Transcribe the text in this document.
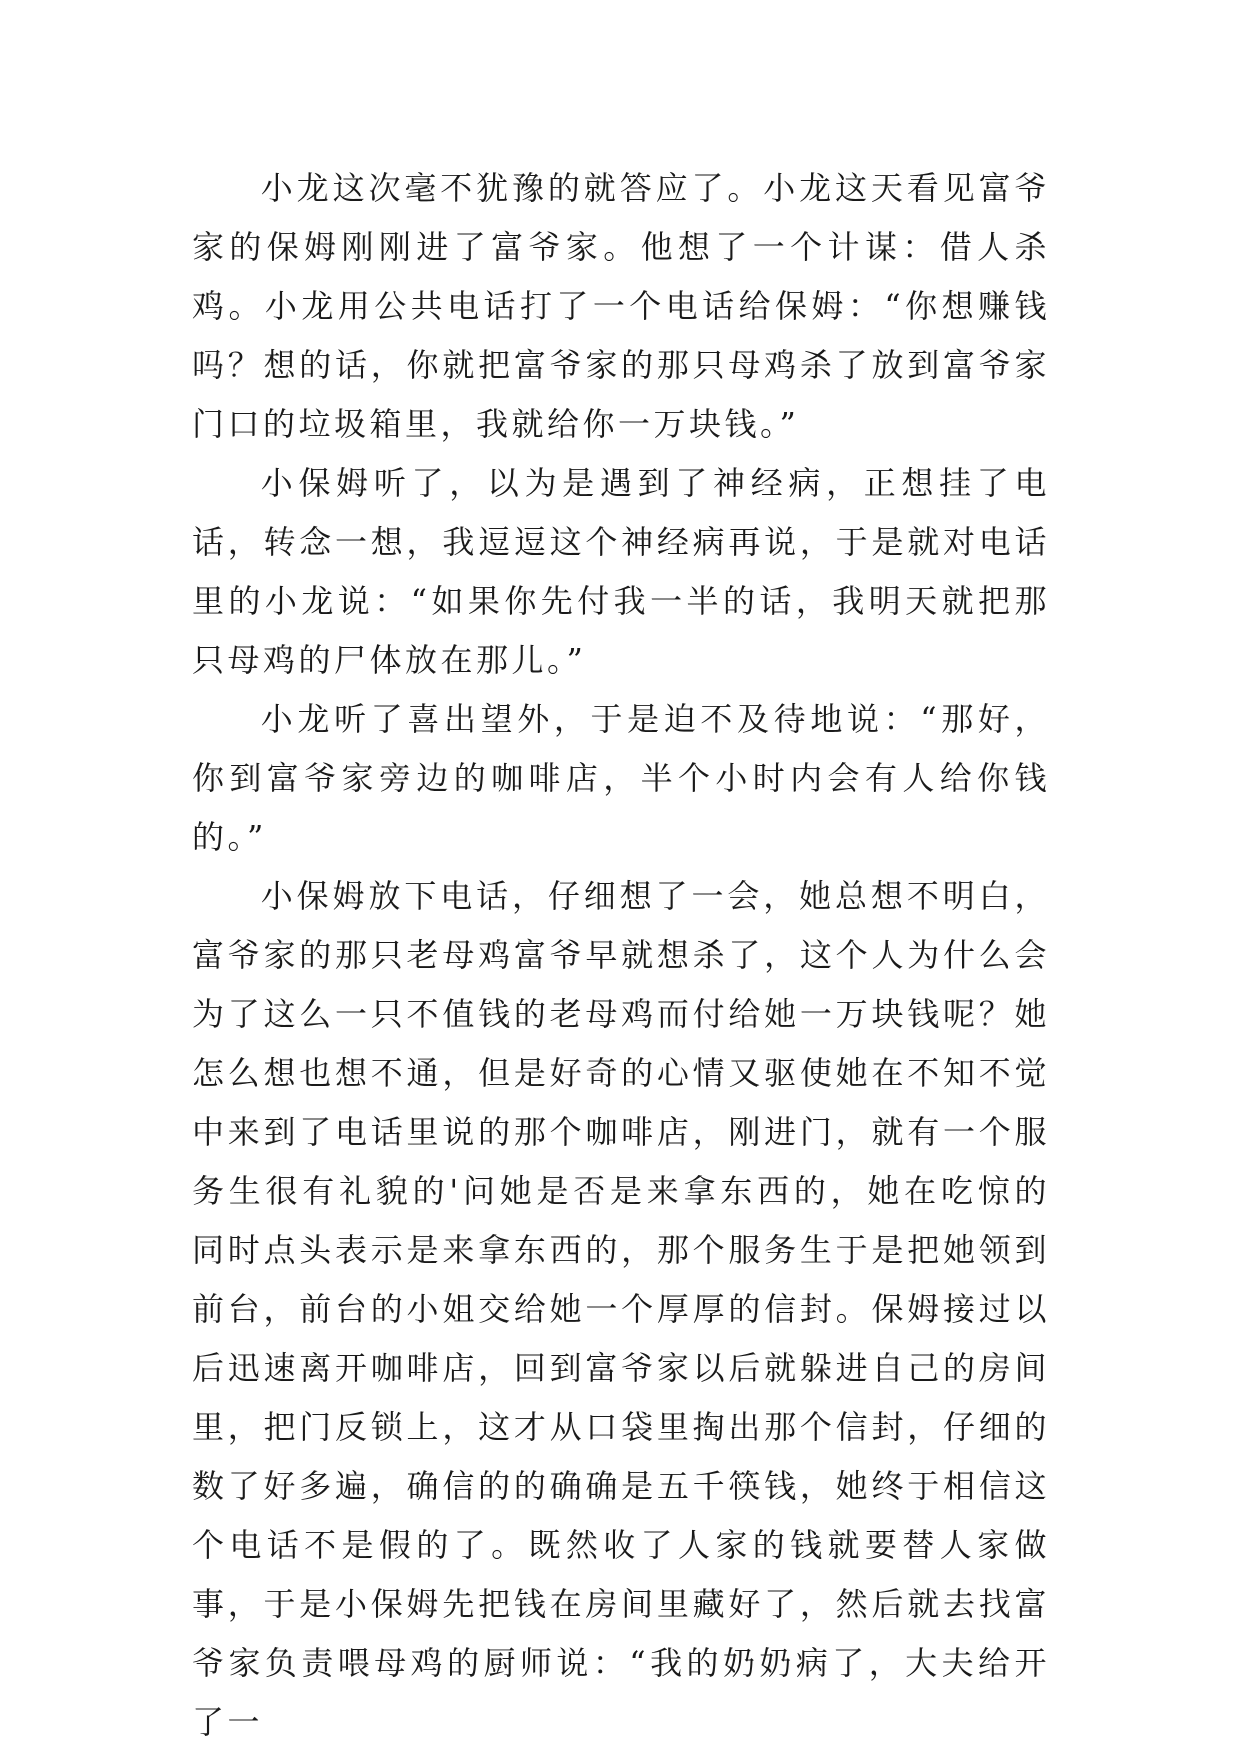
小龙这次毫不犹豫的就答应了。小龙这天看见富爷家的保姆刚刚进了富爷家。他想了一个计谋：借人杀鸡。小龙用公共电话打了一个电话给保姆：“你想赚钱吗？想的话，你就把富爷家的那只母鸡杀了放到富爷家门口的垃圾箱里，我就给你一万块钱。”

小保姆听了，以为是遇到了神经病，正想挂了电话，转念一想，我逗逗这个神经病再说，于是就对电话里的小龙说：“如果你先付我一半的话，我明天就把那只母鸡的尸体放在那儿。”

小龙听了喜出望外，于是迫不及待地说：“那好，你到富爷家旁边的咖啡店，半个小时内会有人给你钱的。”

小保姆放下电话，仔细想了一会，她总想不明白，富爷家的那只老母鸡富爷早就想杀了，这个人为什么会为了这么一只不值钱的老母鸡而付给她一万块钱呢？她怎么想也想不通，但是好奇的心情又驱使她在不知不觉中来到了电话里说的那个咖啡店，刚进门，就有一个服务生很有礼貌的'问她是否是来拿东西的，她在吃惊的同时点头表示是来拿东西的，那个服务生于是把她领到前台，前台的小姐交给她一个厚厚的信封。保姆接过以后迅速离开咖啡店，回到富爷家以后就躲进自己的房间里，把门反锁上，这才从口袋里掏出那个信封，仔细的数了好多遍，确信的的确确是五千筷钱，她终于相信这个电话不是假的了。既然收了人家的钱就要替人家做事，于是小保姆先把钱在房间里藏好了，然后就去找富爷家负责喂母鸡的厨师说：“我的奶奶病了，大夫给开了一
